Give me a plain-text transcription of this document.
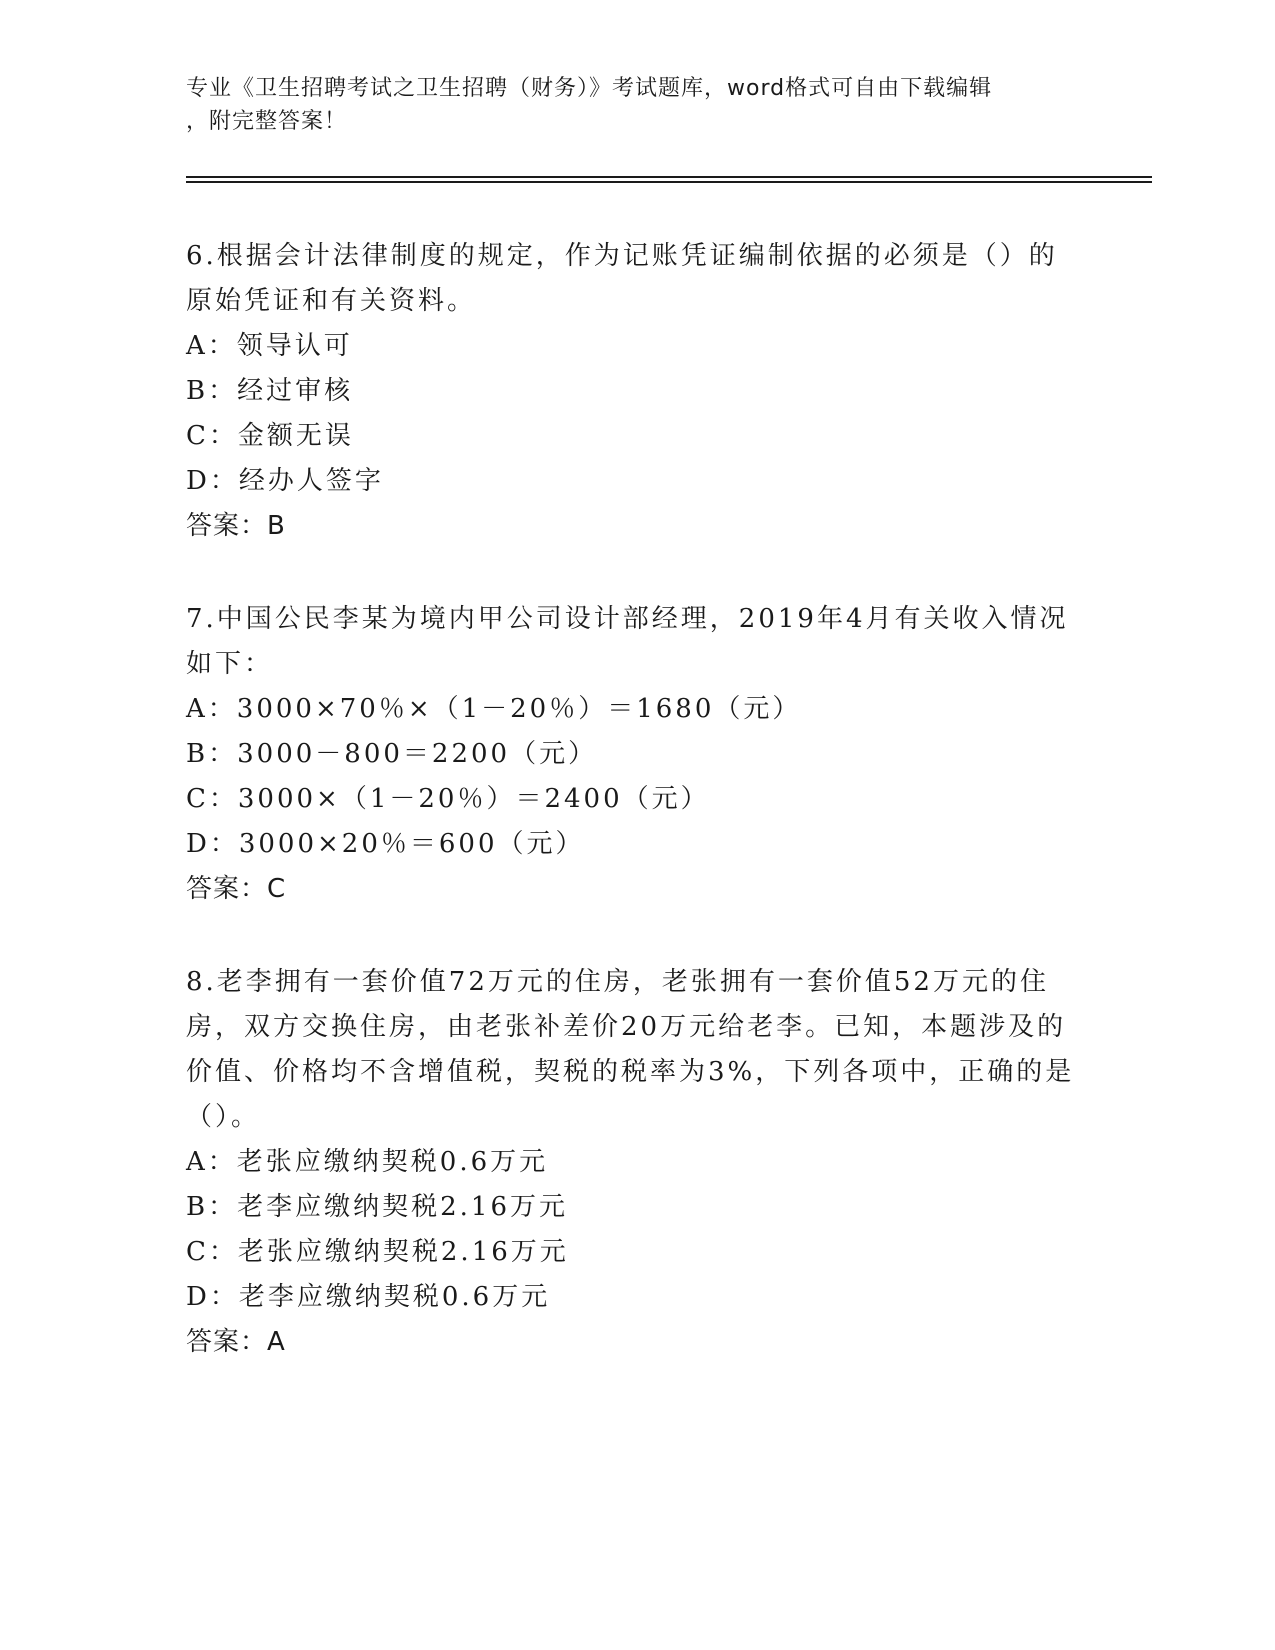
专业《卫生招聘考试之卫生招聘（财务）》考试题库，word格式可自由下载编辑
，附完整答案！

6.根据会计法律制度的规定，作为记账凭证编制依据的必须是（）的

原始凭证和有关资料。

A：领导认可

B：经过审核

C：金额无误

D：经办人签字

答案：B

7.中国公民李某为境内甲公司设计部经理，2019年4月有关收入情况

如下：

A：3000×70％×（1－20％）＝1680（元）

B：3000－800＝2200（元）

C：3000×（1－20％）＝2400（元）

D：3000×20％＝600（元）

答案：C

8.老李拥有一套价值72万元的住房，老张拥有一套价值52万元的住

房，双方交换住房，由老张补差价20万元给老李。已知，本题涉及的

价值、价格均不含增值税，契税的税率为3%，下列各项中，正确的是

（）。

A：老张应缴纳契税0.6万元

B：老李应缴纳契税2.16万元

C：老张应缴纳契税2.16万元

D：老李应缴纳契税0.6万元

答案：A
